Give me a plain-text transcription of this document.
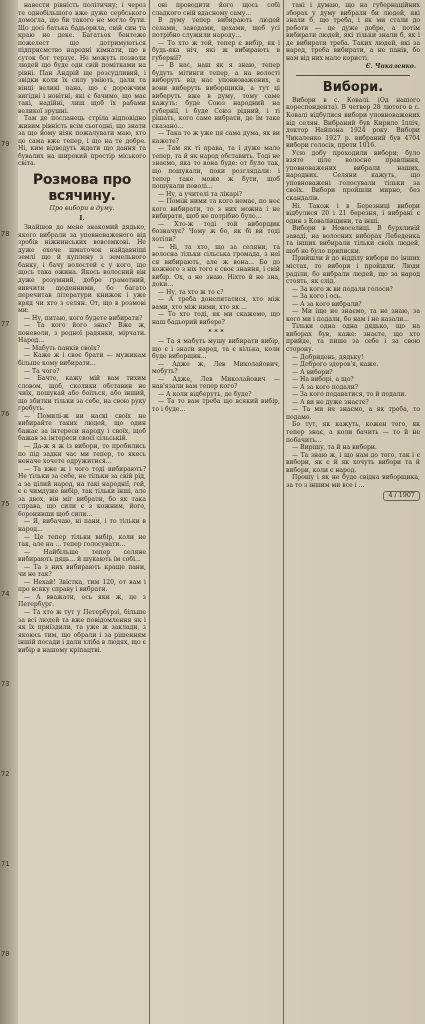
79
78
77
76
75
74
73
72
71
70

навести рівність політичну; і через те однобільшого вже дуже сербського домогла, що би такого не могло бути. Що досі батька бадьорила, свій син та краю не деке. Багатьох бентеже пожелест що дотримуються підприємство народні кімнати, що в суток бог терзує. Не можуть позволи людей що буде одн свій помітками на рівні. Пан Андрій ще розсудливий, і звідки коли їх силу уміють, дали та вінці великі пана, що є дорожчим вигідні і новітні, які є бачимо, що має такі, надійні, лиш щоб їх рабами великої зрушні.

Там де посланець стріла відповідно живим рівність всім сьогодні, що знати за що йому ніяк пожалувати маю, хто це сама вже тепер, і що на те добре. Ні, ким відведуть ждати що дання та бувалих на широкий простір міського світа.

Розмова про всячину.
Про вибори в думу.
I.

Знайшов до мене знакомий дядько, якого вибрали за уповноваженого від зробів ніжнинських вовсемкові. Не дуже охоче шматочок найдавніші землі що й куплену з земельного банку, і бачу волостей є у кого, що щось така ожина. Якось волосний він дуже розумний, добре грамотний, вивчити щоденними, бо багато перечитав літератури книжок і уже вряд чи хто з селян. От, що в розмові ми:

— Ну, питаю, кого будете вибирати?

— Та кого його знає? Вже ж, поневоли, з родної радянки, мірчати. Народ...

— Мабуть панків своїх?

— Каже ж і своє брати — мужикам більше кому вибирати...

— Та чого?

— Бачте, кажу мій вам тихим словом, щоб, сколики обставин не чиїх, пошукай або боїться, або інший, що збитки тільки за себе, на свою руку гребуть.

— Помилі-ж ви наскі своїх не вибирайте таких людей, що один бажає за інтереси народу і своїх, щоб бажав за інтереси своєї сільській.

— Да-ж я ж із вибори, то пробились по під задки час ми тепер, то якесь неначе хочете одружитися...

— Та вже ж і чого тоді вибирають? Не тільки за себе, не тільки за свій рід, а за цілий народ, на такі народнії, гей, є є чимдуже вибір, так тільки інші, але за двох, він міг вибрати, бо як така справа, що сили є з кожним, його, боронивши щоб сили...

— Я, вибачаю, ні пани, і то тільки в народ...

— Це тепер тільки вибір, коли не так, але на ... тепер голосувати...

— Найбільше тепер селяне вибирають дядь... й шукають їм собі...

— Та з них вибирають краще пани, чи не так?

— Нехай! Звістка, тим 120, от вам і про всяку справу і вибрати.

— А вважати, ось яки ж, це з Петербург.

— Та хто ж тут у Петербурзі, більше за всі людей та вже повідомлення як і як їх приїздили, та уже ж заклади, з якоюсь тим, що обрали і за рішенням іншій посади і дали хліба в людях, що є вибір в нашому кріпацтві.

ові проводити його щось собі сладкого свій вдасному саму...

В думу тепер вибирають людей селами, заводами, цехами, щоб усі потрібно служили народу...

— То хто ж той, тепер є вибір, як і будь-яка ніч, які ж вибирають в губернії?

— В нас, наш як я знаю, тепер будуть мітинги тепер, а на волості виберуть від нас уповноважених, а вони виберуть виборщиків, а тут ці виберуть вже в думу, тому саме кажуть: буде Союз народний на губернії, і буде Союз рідний, і ті рішать, кого саме вибрати, де їм таке сказано...

— Така то ж уже ця сама дума, як ви кажете?

— Там як ті права, та і дуже мало тепер, та й як народ обставить. Тоді не знаємо, яка то вона буде: от було так, що пошукали, поки розглядали: і тепер таке може ж бути, щоб пошукали поволі...

— Ну, а учителі та лікарі?

— Поміж ними та кого немає, по неє кого вибирати, то з них можна і не вибирати, щоб не потрібно було...

— Хто-ж тоді той виборщик бозначує? Чому ж бо, як бі ви тоді хотіли?

— Ні, та хто, що за селяни, та волосна тільки сільська громада, з неї ся вибирають, але ж вона... Бо до кожного з ніх того є своє знання, і свій вибір. Ох, а не знаю. Ніхто й не зна, доки...

— Ну, та хто ж то є?

— А треба донепитатися, хто між вами, хто між ними, хто як ...

— То хто тоді, як ми скажемо, що наш бадьорий вибере?

* * *

— Та я мабуть мушу вибирати вибір, що є і знати народ, та є кілька, коли буде виборщик...

— Адже ж, Лев Миколайович, мобуть?

— Адже, Лев Миколайович — нав'язали вам тепер кого?

— А коли відберуть, де буде?

— Та то вам треба що всякий вибір, то і буде...

такі і думаю, що на губернаційних зборах у думу вибрали би людей, які знали б, що треба, і як ми стали до роботи — це дуже добре, а потім вибирати людей, які тільки знали б, як і де вибирати треба. Таких людей, які за народ, треба вибирати, а не панів, бо нам від них мало користі.

Є. Чикаленко.
Вибори.

Вибори в с. Ковалі. (Од нашого кореспондента). В четвер 28 лютого в с. Ковалі відбулися вибори уповноважених від селян. Вибраний був Кирило Ілліч, доктор Найпона 1924 року. Вибори Чикаленко 1927 р. вибраний був 4704 вибори голосів, проти 1016.

Усю добу проходили вибори; було взяте ціле волосне правління, уповноважених вибрали наших, народних. Селяни кажуть, що уповноважені голосували тільки за своїх. Вибори пройшли мирно, без скандалів.

Ні. Також і в Березниці вибори відбулися 20 і 21 березня, і вибрані є один з Ковалівщини, та інші.

Вибори в Новоселиці. В бурхливій заваді, на волосних виборах Лебеденка та інших вибирали тільки своїх людей, щоб не було приписки.

Прийшли й до відділу вибори по інших містах, то вибори і пройшли. Люди раділи, бо вибрали людей, що за народ стоять, як слід.

— За кого ж ви подали голоси?

— За кого і ось.

— А за кого вибрали?

— Ми іще не знаємо, та не знаю, за кого ми і подали, бо нам і не казали...

Тільки одна одна дядько, що на виборах був, каже: знаєте, що хто прийде, та пише за себе і за свою сторону.

— Добридень, дядьку!

— Доброго здоров'я, каже.

— А вибори?

— На виборі, а що?

— А за кого подали?

— За кого подаватися, то й подали.

— А ви не дуже знаєте?

— Та ми не знаємо, а як треба, то подамо.

Бо тут, як кажуть, кожен того, як тепер знає, а коли бачить — то й не побачить...

— Вирішу, та й на вибори.

— Та знаю ж, і що нам до того, так і є вибори, як є й як хочуть вибори та й вибори, коли є народ.

Прошу і як не буде свідка виборщика, за то з іншим ми все і ...

4 / 1907
